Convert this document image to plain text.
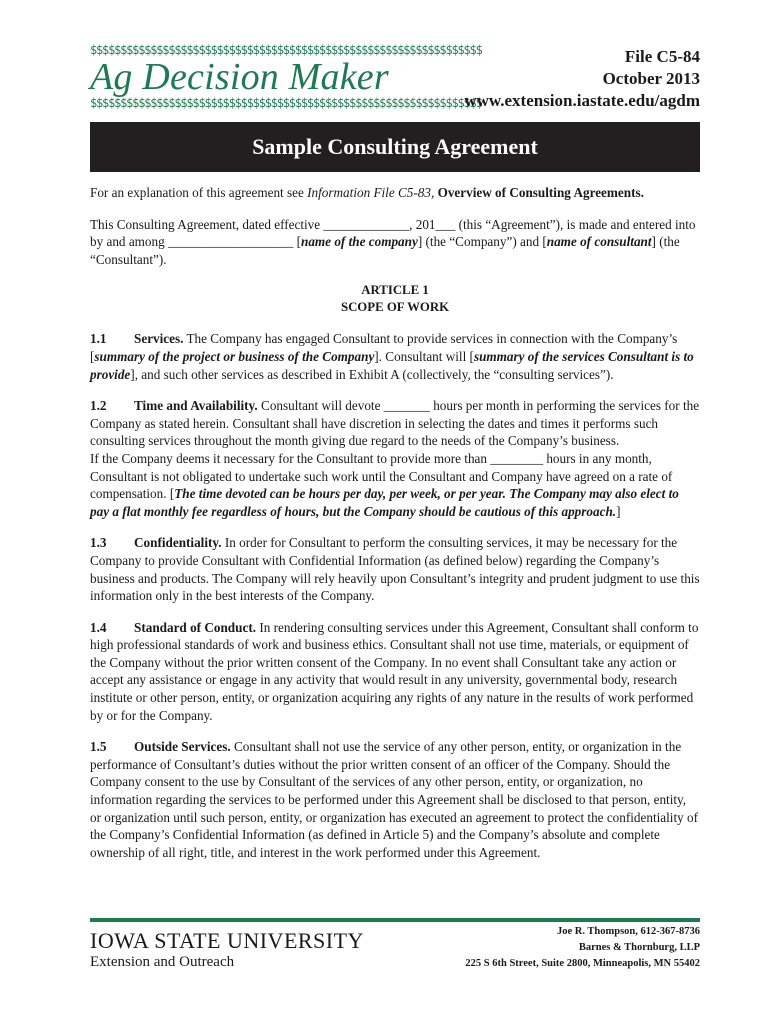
$$$$$$$$$$$$$$$$$$$$$$$$$$$$$$$$$$$$$$$$$$$$$$$$$$$$$$$$$$$$$$$$$
Ag Decision Maker
$$$$$$$$$$$$$$$$$$$$$$$$$$$$$$$$$$$$$$$$$$$$$$$$$$$$$$$$$$$$$$$$$
File C5-84
October 2013
www.extension.iastate.edu/agdm
Sample Consulting Agreement

For an explanation of this agreement see Information File C5-83, Overview of Consulting Agreements.

This Consulting Agreement, dated effective _____________, 201___ (this “Agreement”), is made and entered into by and among ___________________ [name of the company] (the “Company”) and [name of consultant] (the “Consultant”).

ARTICLE 1
SCOPE OF WORK

1.1 Services. The Company has engaged Consultant to provide services in connection with the Company’s [summary of the project or business of the Company]. Consultant will [summary of the services Consultant is to provide], and such other services as described in Exhibit A (collectively, the “consulting services”).

1.2 Time and Availability. Consultant will devote _______ hours per month in performing the services for the Company as stated herein. Consultant shall have discretion in selecting the dates and times it performs such consulting services throughout the month giving due regard to the needs of the Company’s business.

If the Company deems it necessary for the Consultant to provide more than ________ hours in any month, Consultant is not obligated to undertake such work until the Consultant and Company have agreed on a rate of compensation. [The time devoted can be hours per day, per week, or per year. The Company may also elect to pay a flat monthly fee regardless of hours, but the Company should be cautious of this approach.]

1.3 Confidentiality. In order for Consultant to perform the consulting services, it may be necessary for the Company to provide Consultant with Confidential Information (as defined below) regarding the Company’s business and products. The Company will rely heavily upon Consultant’s integrity and prudent judgment to use this information only in the best interests of the Company.

1.4 Standard of Conduct. In rendering consulting services under this Agreement, Consultant shall conform to high professional standards of work and business ethics. Consultant shall not use time, materials, or equipment of the Company without the prior written consent of the Company. In no event shall Consultant take any action or accept any assistance or engage in any activity that would result in any university, governmental body, research institute or other person, entity, or organization acquiring any rights of any nature in the results of work performed by or for the Company.

1.5 Outside Services. Consultant shall not use the service of any other person, entity, or organization in the performance of Consultant’s duties without the prior written consent of an officer of the Company. Should the Company consent to the use by Consultant of the services of any other person, entity, or organization, no information regarding the services to be performed under this Agreement shall be disclosed to that person, entity, or organization until such person, entity, or organization has executed an agreement to protect the confidentiality of the Company’s Confidential Information (as defined in Article 5) and the Company’s absolute and complete ownership of all right, title, and interest in the work performed under this Agreement.

IOWA STATE UNIVERSITY
Extension and Outreach
Joe R. Thompson, 612-367-8736
Barnes & Thornburg, LLP
225 S 6th Street, Suite 2800, Minneapolis, MN 55402
